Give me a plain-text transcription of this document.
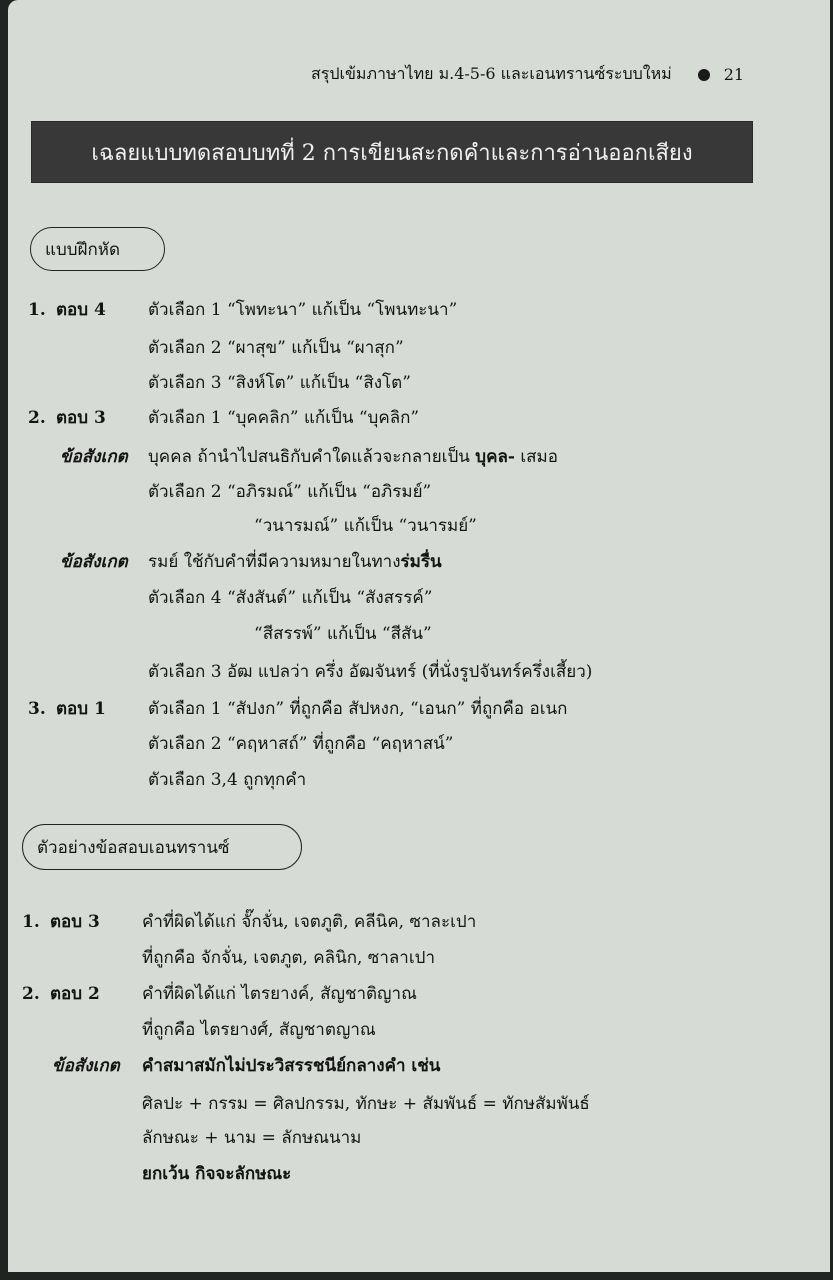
สรุปเข้มภาษาไทย ม.4-5-6 และเอนทรานซ์ระบบใหม่	21
เฉลยแบบทดสอบบทที่ 2 การเขียนสะกดคำและการอ่านออกเสียง
แบบฝึกหัด
1. ตอบ 4 ตัวเลือก 1 “โพทะนา” แก้เป็น “โพนทะนา”
ตัวเลือก 2 “ผาสุข” แก้เป็น “ผาสุก”
ตัวเลือก 3 “สิงห์โต” แก้เป็น “สิงโต”
2. ตอบ 3 ตัวเลือก 1 “บุคคลิก” แก้เป็น “บุคลิก”
ข้อสังเกต บุคคล ถ้านำไปสนธิกับคำใดแล้วจะกลายเป็น บุคล- เสมอ
ตัวเลือก 2 “อภิรมณ์” แก้เป็น “อภิรมย์”
“วนารมณ์” แก้เป็น “วนารมย์”
ข้อสังเกต รมย์ ใช้กับคำที่มีความหมายในทางร่มรื่น
ตัวเลือก 4 “สังสันต์” แก้เป็น “สังสรรค์”
“สีสรรพ์” แก้เป็น “สีสัน”
ตัวเลือก 3 อัฒ แปลว่า ครึ่ง อัฒจันทร์ (ที่นั่งรูปจันทร์ครึ่งเสี้ยว)
3. ตอบ 1 ตัวเลือก 1 “สัปงก” ที่ถูกคือ สัปหงก, “เอนก” ที่ถูกคือ อเนก
ตัวเลือก 2 “คฤหาสถ์” ที่ถูกคือ “คฤหาสน์”
ตัวเลือก 3,4 ถูกทุกคำ
ตัวอย่างข้อสอบเอนทรานซ์
1. ตอบ 3 คำที่ผิดได้แก่ จั๊กจั่น, เจตภูติ, คลีนิค, ซาละเปา
ที่ถูกคือ จักจั่น, เจตภูต, คลินิก, ซาลาเปา
2. ตอบ 2 คำที่ผิดได้แก่ ไตรยางค์, สัญชาติญาณ
ที่ถูกคือ ไตรยางศ์, สัญชาตญาณ
ข้อสังเกต คำสมาสมักไม่ประวิสรรชนีย์กลางคำ เช่น
ศิลปะ + กรรม = ศิลปกรรม, ทักษะ + สัมพันธ์ = ทักษสัมพันธ์
ลักษณะ + นาม = ลักษณนาม
ยกเว้น กิจจะลักษณะ
